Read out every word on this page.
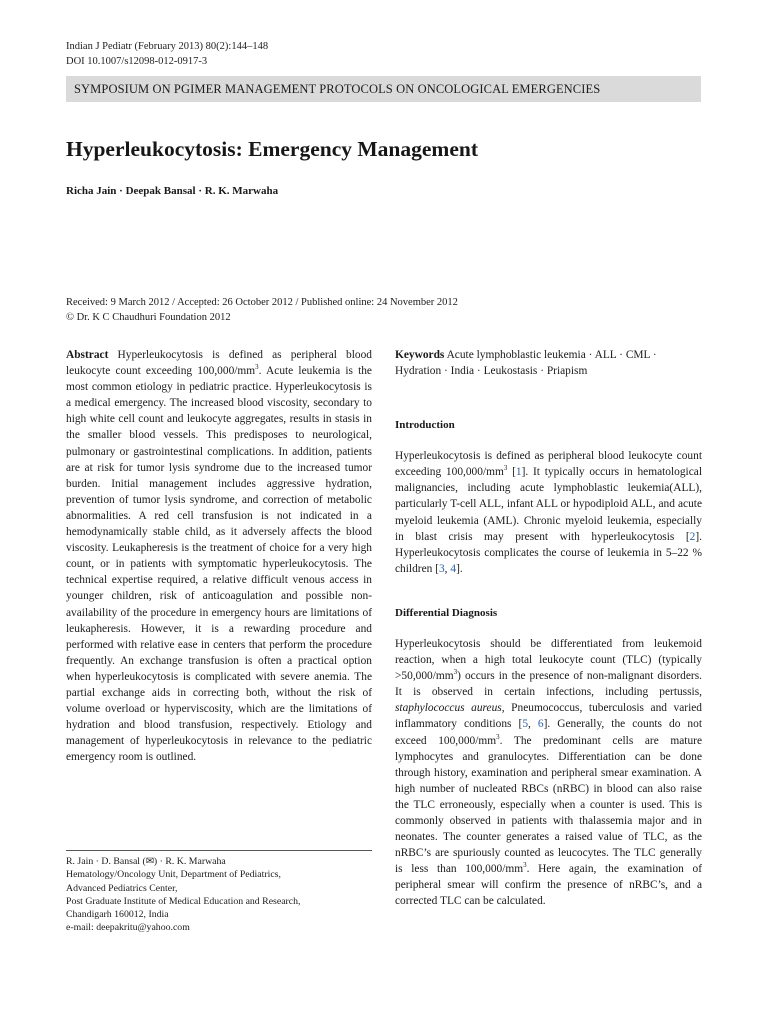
Indian J Pediatr (February 2013) 80(2):144–148
DOI 10.1007/s12098-012-0917-3
SYMPOSIUM ON PGIMER MANAGEMENT PROTOCOLS ON ONCOLOGICAL EMERGENCIES
Hyperleukocytosis: Emergency Management
Richa Jain · Deepak Bansal · R. K. Marwaha
Received: 9 March 2012 / Accepted: 26 October 2012 / Published online: 24 November 2012
© Dr. K C Chaudhuri Foundation 2012

Abstract Hyperleukocytosis is defined as peripheral blood leukocyte count exceeding $100,000/mm^3$. Acute leukemia is the most common etiology in pediatric practice. Hyperleukocytosis is a medical emergency. The increased blood viscosity, secondary to high white cell count and leukocyte aggregates, results in stasis in the smaller blood vessels. This predisposes to neurological, pulmonary or gastrointestinal complications. In addition, patients are at risk for tumor lysis syndrome due to the increased tumor burden. Initial management includes aggressive hydration, prevention of tumor lysis syndrome, and correction of metabolic abnormalities. A red cell transfusion is not indicated in a hemodynamically stable child, as it adversely affects the blood viscosity. Leukapheresis is the treatment of choice for a very high count, or in patients with symptomatic hyperleukocytosis. The technical expertise required, a relative difficult venous access in younger children, risk of anticoagulation and possible non-availability of the procedure in emergency hours are limitations of leukapheresis. However, it is a rewarding procedure and performed with relative ease in centers that perform the procedure frequently. An exchange transfusion is often a practical option when hyperleukocytosis is complicated with severe anemia. The partial exchange aids in correcting both, without the risk of volume overload or hyperviscosity, which are the limitations of hydration and blood transfusion, respectively. Etiology and management of hyperleukocytosis in relevance to the pediatric emergency room is outlined.

R. Jain · D. Bansal (✉) · R. K. Marwaha
Hematology/Oncology Unit, Department of Pediatrics,
Advanced Pediatrics Center,
Post Graduate Institute of Medical Education and Research,
Chandigarh 160012, India
e-mail: deepakritu@yahoo.com

Keywords Acute lymphoblastic leukemia · ALL · CML · Hydration · India · Leukostasis · Priapism

Introduction

Hyperleukocytosis is defined as peripheral blood leukocyte count exceeding $100,000/mm^3$ [1]. It typically occurs in hematological malignancies, including acute lymphoblastic leukemia(ALL), particularly T-cell ALL, infant ALL or hypodiploid ALL, and acute myeloid leukemia (AML). Chronic myeloid leukemia, especially in blast crisis may present with hyperleukocytosis [2]. Hyperleukocytosis complicates the course of leukemia in 5–22 % children [3, 4].

Differential Diagnosis

Hyperleukocytosis should be differentiated from leukemoid reaction, when a high total leukocyte count (TLC) (typically $>50,000/mm^3$) occurs in the presence of non-malignant disorders. It is observed in certain infections, including pertussis, staphylococcus aureus, Pneumococcus, tuberculosis and varied inflammatory conditions [5, 6]. Generally, the counts do not exceed $100,000/mm^3$. The predominant cells are mature lymphocytes and granulocytes. Differentiation can be done through history, examination and peripheral smear examination. A high number of nucleated RBCs (nRBC) in blood can also raise the TLC erroneously, especially when a counter is used. This is commonly observed in patients with thalassemia major and in neonates. The counter generates a raised value of TLC, as the nRBC’s are spuriously counted as leucocytes. The TLC generally is less than $100,000/mm^3$. Here again, the examination of peripheral smear will confirm the presence of nRBC’s, and a corrected TLC can be calculated.
